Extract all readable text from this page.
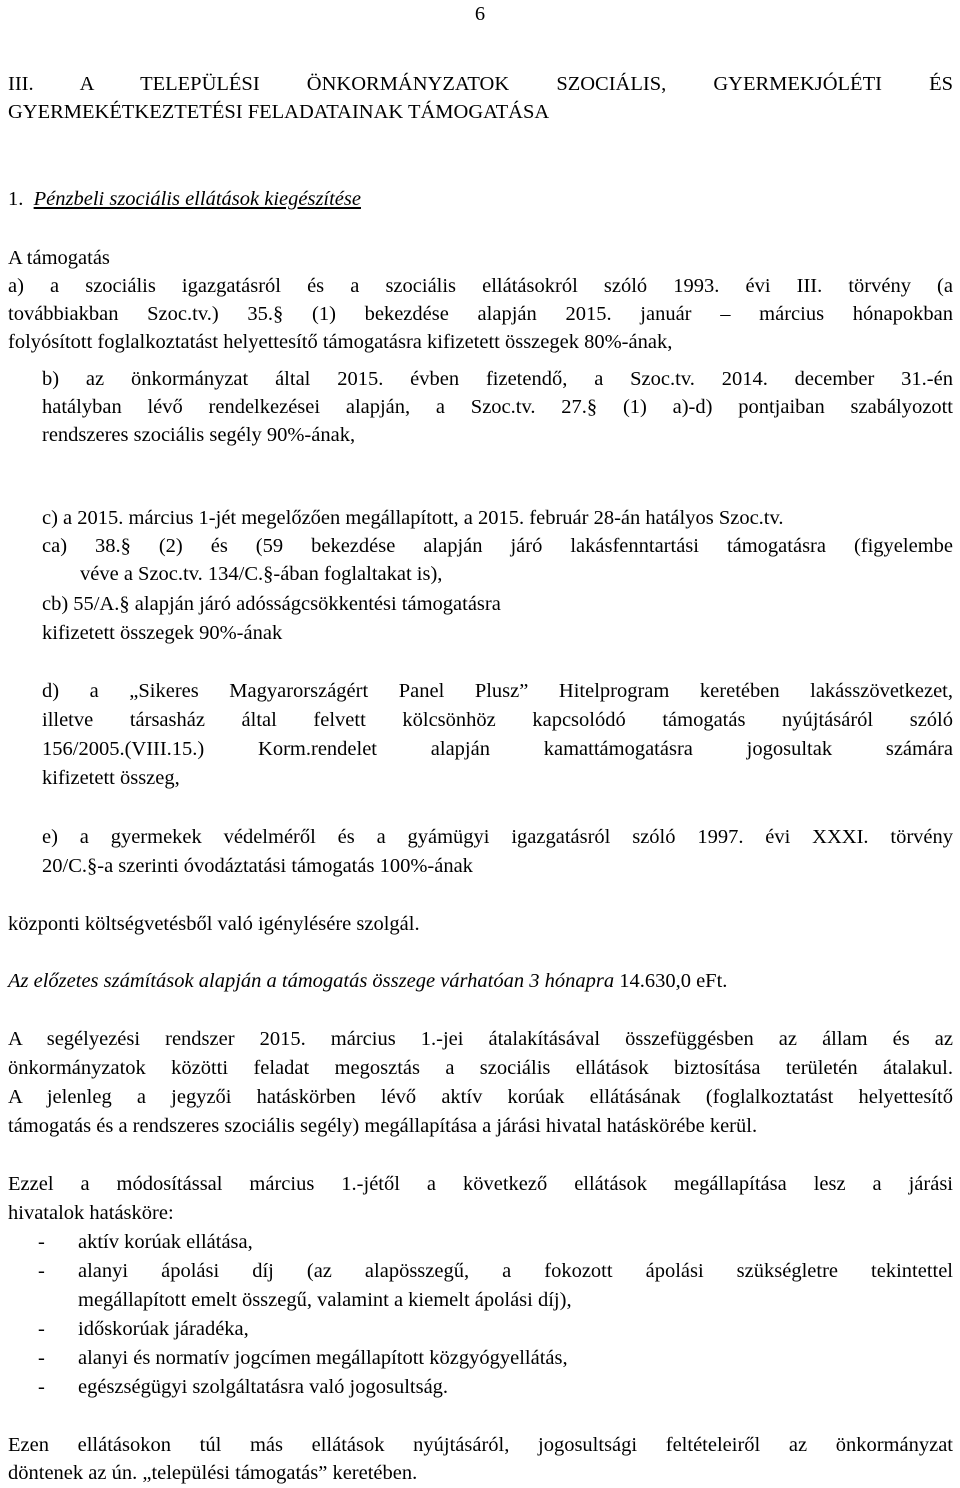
6
III. A TELEPÜLÉSI ÖNKORMÁNYZATOK SZOCIÁLIS, GYERMEKJÓLÉTI ÉS
GYERMEKÉTKEZTETÉSI FELADATAINAK TÁMOGATÁSA
1. Pénzbeli szociális ellátások kiegészítése
A támogatás
a) a szociális igazgatásról és a szociális ellátásokról szóló 1993. évi III. törvény (a
továbbiakban Szoc.tv.) 35.§ (1) bekezdése alapján 2015. január – március hónapokban
folyósított foglalkoztatást helyettesítő támogatásra kifizetett összegek 80%-ának,
b) az önkormányzat által 2015. évben fizetendő, a Szoc.tv. 2014. december 31.-én
hatályban lévő rendelkezései alapján, a Szoc.tv. 27.§ (1) a)-d) pontjaiban szabályozott
rendszeres szociális segély 90%-ának,
c) a 2015. március 1-jét megelőzően megállapított, a 2015. február 28-án hatályos Szoc.tv.
ca) 38.§ (2) és (59 bekezdése alapján járó lakásfenntartási támogatásra (figyelembe
véve a Szoc.tv. 134/C.§-ában foglaltakat is),
cb) 55/A.§ alapján járó adósságcsökkentési támogatásra
kifizetett összegek 90%-ának
d) a „Sikeres Magyarországért Panel Plusz” Hitelprogram keretében lakásszövetkezet,
illetve társasház által felvett kölcsönhöz kapcsolódó támogatás nyújtásáról szóló
156/2005.(VIII.15.) Korm.rendelet alapján kamattámogatásra jogosultak számára
kifizetett összeg,
e) a gyermekek védelméről és a gyámügyi igazgatásról szóló 1997. évi XXXI. törvény
20/C.§-a szerinti óvodáztatási támogatás 100%-ának
központi költségvetésből való igénylésére szolgál.
Az előzetes számítások alapján a támogatás összege várhatóan 3 hónapra 14.630,0 eFt.
A segélyezési rendszer 2015. március 1.-jei átalakításával összefüggésben az állam és az
önkormányzatok közötti feladat megosztás a szociális ellátások biztosítása területén átalakul.
A jelenleg a jegyzői hatáskörben lévő aktív korúak ellátásának (foglalkoztatást helyettesítő
támogatás és a rendszeres szociális segély) megállapítása a járási hivatal hatáskörébe kerül.
Ezzel a módosítással március 1.-jétől a következő ellátások megállapítása lesz a járási
hivatalok hatásköre:
- aktív korúak ellátása,
- alanyi ápolási díj (az alapösszegű, a fokozott ápolási szükségletre tekintettel
megállapított emelt összegű, valamint a kiemelt ápolási díj),
- időskorúak járadéka,
- alanyi és normatív jogcímen megállapított közgyógyellátás,
- egészségügyi szolgáltatásra való jogosultság.
Ezen ellátásokon túl más ellátások nyújtásáról, jogosultsági feltételeiről az önkormányzat
döntenek az ún. „települési támogatás” keretében.
